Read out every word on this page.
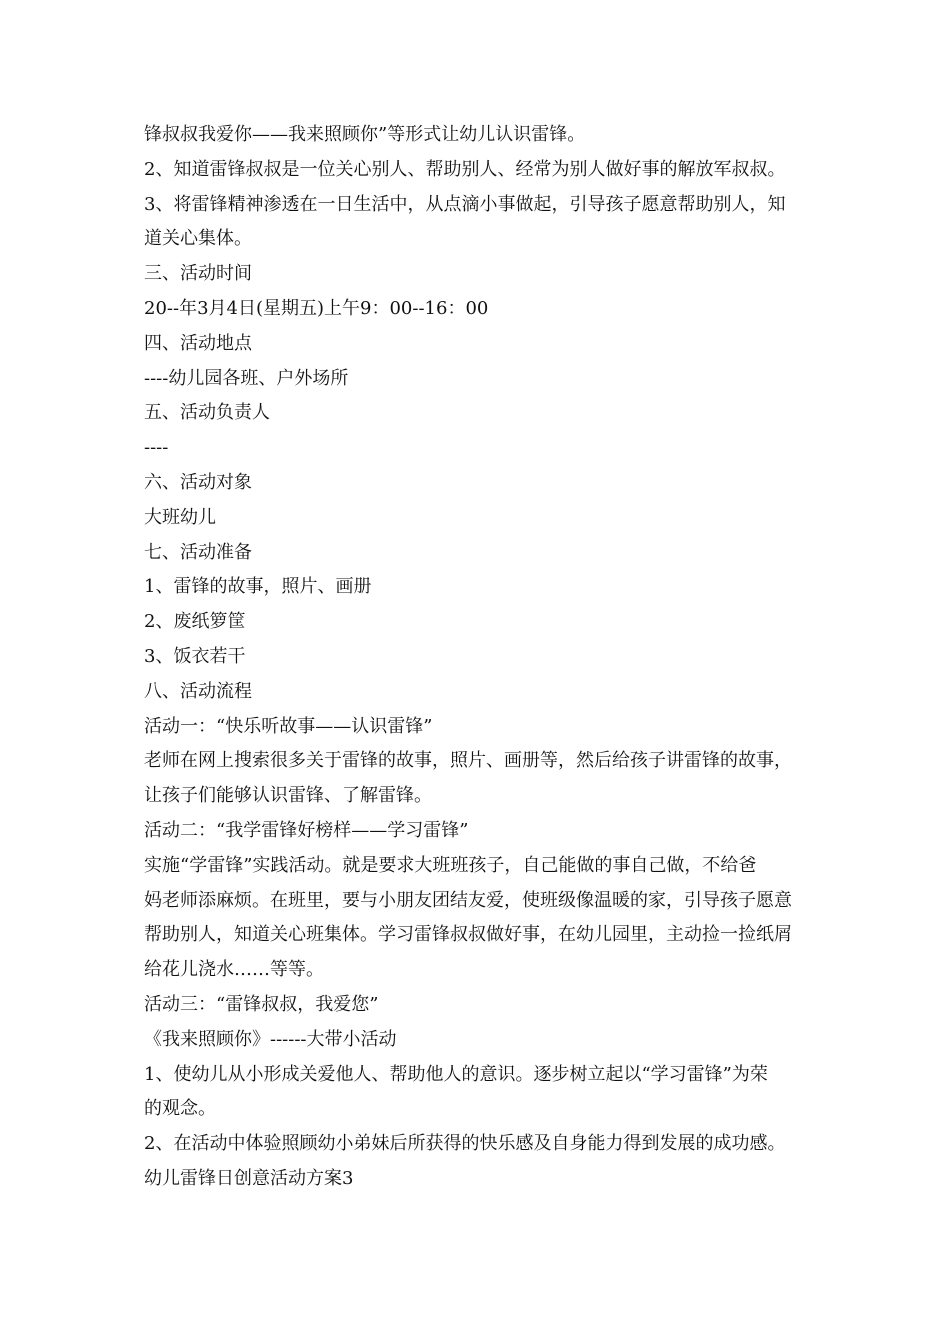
锋叔叔我爱你——我来照顾你”等形式让幼儿认识雷锋。
2、知道雷锋叔叔是一位关心别人、帮助别人、经常为别人做好事的解放军叔叔。
3、将雷锋精神渗透在一日生活中，从点滴小事做起，引导孩子愿意帮助别人，知
道关心集体。
三、活动时间
20--年3月4日(星期五)上午9：00--16：00
四、活动地点
----幼儿园各班、户外场所
五、活动负责人
----
六、活动对象
大班幼儿
七、活动准备
1、雷锋的故事，照片、画册
2、废纸箩筐
3、饭衣若干
八、活动流程
活动一：“快乐听故事——认识雷锋”
老师在网上搜索很多关于雷锋的故事，照片、画册等，然后给孩子讲雷锋的故事，
让孩子们能够认识雷锋、了解雷锋。
活动二：“我学雷锋好榜样——学习雷锋”
实施“学雷锋”实践活动。就是要求大班班孩子，自己能做的事自己做，不给爸
妈老师添麻烦。在班里，要与小朋友团结友爱，使班级像温暖的家，引导孩子愿意
帮助别人，知道关心班集体。学习雷锋叔叔做好事，在幼儿园里，主动捡一捡纸屑
给花儿浇水……等等。
活动三：“雷锋叔叔，我爱您”
《我来照顾你》------大带小活动
1、使幼儿从小形成关爱他人、帮助他人的意识。逐步树立起以“学习雷锋”为荣
的观念。
2、在活动中体验照顾幼小弟妹后所获得的快乐感及自身能力得到发展的成功感。
幼儿雷锋日创意活动方案3
